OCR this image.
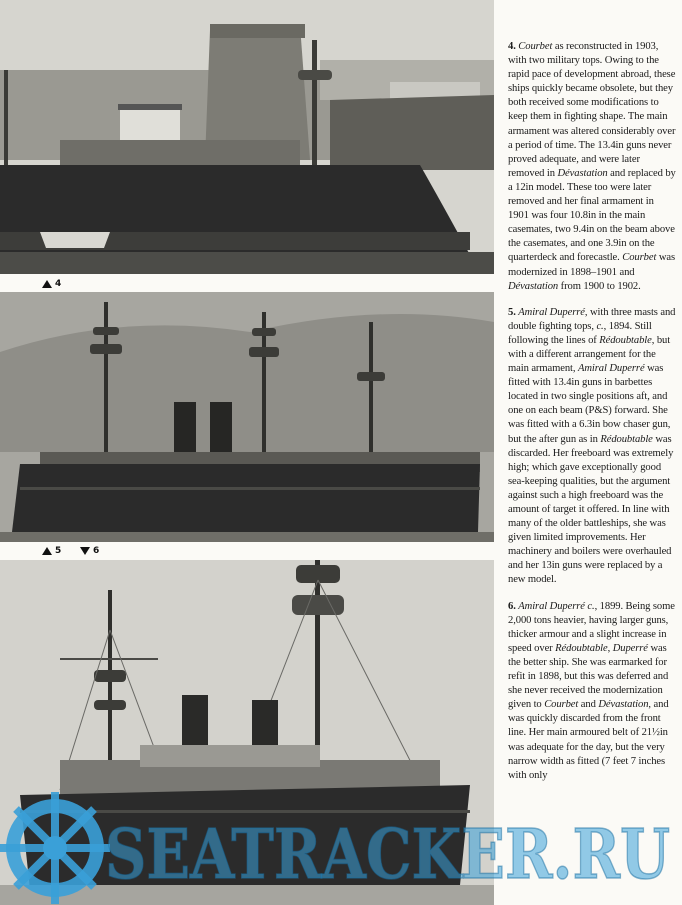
4
5	6

4. Courbet as reconstructed in 1903, with two military tops. Owing to the rapid pace of development abroad, these ships quickly became obsolete, but they both received some modifications to keep them in fighting shape. The main armament was altered considerably over a period of time. The 13.4in guns never proved adequate, and were later removed in Dévastation and replaced by a 12in model. These too were later removed and her final armament in 1901 was four 10.8in in the main casemates, two 9.4in on the beam above the casemates, and one 3.9in on the quarterdeck and forecastle. Courbet was modernized in 1898–1901 and Dévastation from 1900 to 1902.

5. Amiral Duperré, with three masts and double fighting tops, c., 1894. Still following the lines of Rédoubtable, but with a different arrangement for the main armament, Amiral Duperré was fitted with 13.4in guns in barbettes located in two single positions aft, and one on each beam (P&S) forward. She was fitted with a 6.3in bow chaser gun, but the after gun as in Rédoubtable was discarded. Her freeboard was extremely high; which gave exceptionally good sea-keeping qualities, but the argument against such a high freeboard was the amount of target it offered. In line with many of the older battleships, she was given limited improvements. Her machinery and boilers were overhauled and her 13in guns were replaced by a new model.

6. Amiral Duperré c., 1899. Being some 2,000 tons heavier, having larger guns, thicker armour and a slight increase in speed over Rédoubtable, Duperré was the better ship. She was earmarked for refit in 1898, but this was deferred and she never received the modernization given to Courbet and Dévastation, and was quickly discarded from the front line. Her main armoured belt of 21½in was adequate for the day, but the very narrow width as fitted (7 feet 7 inches with only

SEATRACKER.RU
